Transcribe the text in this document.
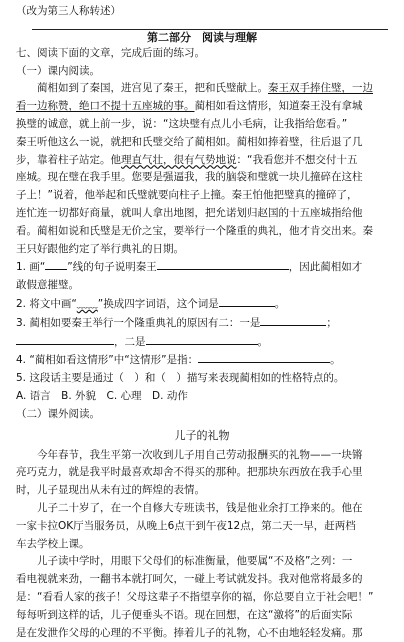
（改为第三人称转述）
第二部分　阅读与理解
七、阅读下面的文章，完成后面的练习。
（一）课内阅读。
蔺相如到了秦国，进宫见了秦王，把和氏璧献上。秦王双手捧住璧，一边
看一边称赞，绝口不提十五座城的事。蔺相如看这情形，知道秦王没有拿城
换璧的诚意，就上前一步，说：“这块璧有点儿小毛病，让我指给您看。”
秦王听他这么一说，就把和氏璧交给了蔺相如。蔺相如捧着璧，往后退了几
步，靠着柱子站定。他理直气壮，很有气势地说：“我看您并不想交付十五
座城。现在璧在我手里。您要是强逼我，我的脑袋和璧就一块儿撞碎在这柱
子上！”说着，他举起和氏璧就要向柱子上撞。秦王怕他把璧真的撞碎了，
连忙连一切都好商量，就叫人拿出地图，把允诺划归赵国的十五座城指给他
看。蔺相如说和氏璧是无价之宝，要举行一个隆重的典礼，他才肯交出来。秦
王只好跟他约定了举行典礼的日期。
1. 画“ ”线的句子说明秦王	，因此蔺相如才
敢假意摧璧。
2. 将文中画“﹏﹏”换成四字词语，这个词是	。
3. 蔺相如要秦王举行一个隆重典礼的原因有二：一是	；
，二是	。
4. “蔺相如看这情形”中“这情形”是指：	。
5. 这段话主要是通过（　）和（　）描写来表现蔺相如的性格特点的。
A. 语言　B. 外貌　C. 心理　D. 动作
（二）课外阅读。
儿子的礼物
今年春节，我生平第一次收到儿子用自己劳动报酬买的礼物——一块锵
亮巧克力，就是我平时最喜欢却舍不得买的那种。把那块东西放在我手心里
时，儿子显现出从未有过的辉煌的表情。
儿子二十岁了，在一个自修大专班读书，钱是他业余打工挣来的。他在
一家卡拉OK厅当服务员，从晚上6点干到午夜12点，第二天一早，赶两档
车去学校上课。
儿子读中学时，用眼下父母们的标准衡量，他要属“不及格”之列：一
看电视就来劲，一翻书本就打呵欠，一碰上考试就发抖。我对他常将最多的
是：“看看人家的孩子！父母这辈子不指望享你的福，你总要自立于社会吧！”
每每听到这样的话，儿子便垂头不语。现在回想，在这“激将”的后面实际
是在发泄作父母的心理的不平衡。捧着儿子的礼物，心不由地轻轻发痛。那
